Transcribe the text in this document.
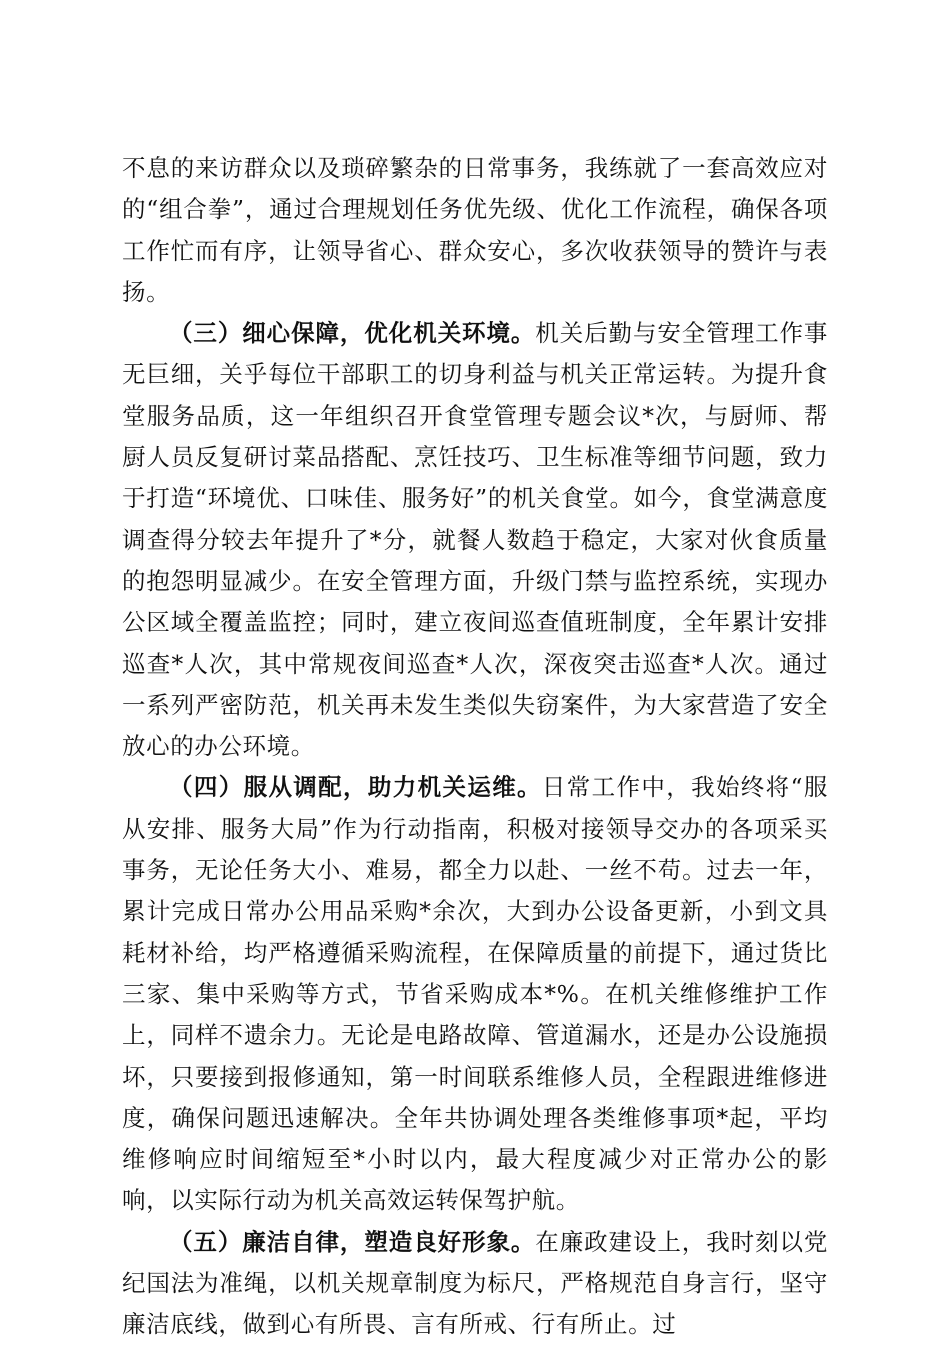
不息的来访群众以及琐碎繁杂的日常事务，我练就了一套高效应对的“组合拳”，通过合理规划任务优先级、优化工作流程，确保各项工作忙而有序，让领导省心、群众安心，多次收获领导的赞许与表扬。

（三）细心保障，优化机关环境。机关后勤与安全管理工作事无巨细，关乎每位干部职工的切身利益与机关正常运转。为提升食堂服务品质，这一年组织召开食堂管理专题会议*次，与厨师、帮厨人员反复研讨菜品搭配、烹饪技巧、卫生标准等细节问题，致力于打造“环境优、口味佳、服务好”的机关食堂。如今，食堂满意度调查得分较去年提升了*分，就餐人数趋于稳定，大家对伙食质量的抱怨明显减少。在安全管理方面，升级门禁与监控系统，实现办公区域全覆盖监控；同时，建立夜间巡查值班制度，全年累计安排巡查*人次，其中常规夜间巡查*人次，深夜突击巡查*人次。通过一系列严密防范，机关再未发生类似失窃案件，为大家营造了安全放心的办公环境。

（四）服从调配，助力机关运维。日常工作中，我始终将“服从安排、服务大局”作为行动指南，积极对接领导交办的各项采买事务，无论任务大小、难易，都全力以赴、一丝不苟。过去一年，累计完成日常办公用品采购*余次，大到办公设备更新，小到文具耗材补给，均严格遵循采购流程，在保障质量的前提下，通过货比三家、集中采购等方式，节省采购成本*%。在机关维修维护工作上，同样不遗余力。无论是电路故障、管道漏水，还是办公设施损坏，只要接到报修通知，第一时间联系维修人员，全程跟进维修进度，确保问题迅速解决。全年共协调处理各类维修事项*起，平均维修响应时间缩短至*小时以内，最大程度减少对正常办公的影响，以实际行动为机关高效运转保驾护航。

（五）廉洁自律，塑造良好形象。在廉政建设上，我时刻以党纪国法为准绳，以机关规章制度为标尺，严格规范自身言行，坚守廉洁底线，做到心有所畏、言有所戒、行有所止。过
